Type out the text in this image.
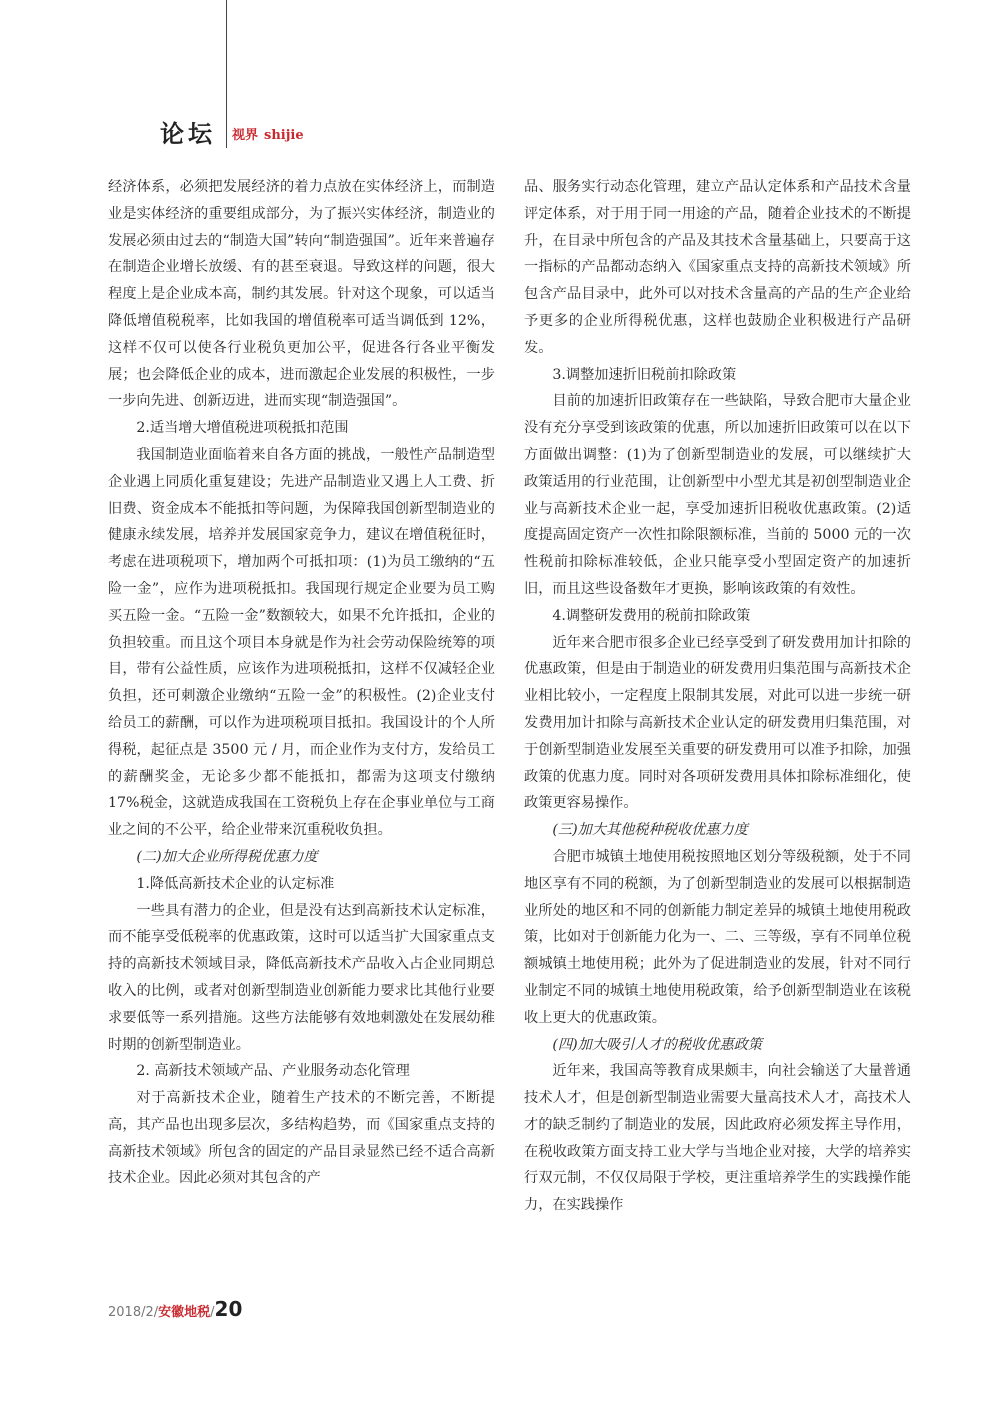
论坛 视界 shijie

经济体系，必须把发展经济的着力点放在实体经济上，而制造业是实体经济的重要组成部分，为了振兴实体经济，制造业的发展必须由过去的“制造大国”转向“制造强国”。近年来普遍存在制造企业增长放缓、有的甚至衰退。导致这样的问题，很大程度上是企业成本高，制约其发展。针对这个现象，可以适当降低增值税税率，比如我国的增值税率可适当调低到 12%，这样不仅可以使各行业税负更加公平，促进各行各业平衡发展；也会降低企业的成本，进而激起企业发展的积极性，一步一步向先进、创新迈进，进而实现“制造强国”。

2.适当增大增值税进项税抵扣范围

我国制造业面临着来自各方面的挑战，一般性产品制造型企业遇上同质化重复建设；先进产品制造业又遇上人工费、折旧费、资金成本不能抵扣等问题，为保障我国创新型制造业的健康永续发展，培养并发展国家竞争力，建议在增值税征时，考虑在进项税项下，增加两个可抵扣项：(1)为员工缴纳的“五险一金”，应作为进项税抵扣。我国现行规定企业要为员工购买五险一金。“五险一金”数额较大，如果不允许抵扣，企业的负担较重。而且这个项目本身就是作为社会劳动保险统筹的项目，带有公益性质，应该作为进项税抵扣，这样不仅减轻企业负担，还可刺激企业缴纳“五险一金”的积极性。(2)企业支付给员工的薪酬，可以作为进项税项目抵扣。我国设计的个人所得税，起征点是 3500 元 / 月，而企业作为支付方，发给员工的薪酬奖金，无论多少都不能抵扣，都需为这项支付缴纳 17%税金，这就造成我国在工资税负上存在企事业单位与工商业之间的不公平，给企业带来沉重税收负担。

(二)加大企业所得税优惠力度

1.降低高新技术企业的认定标准

一些具有潜力的企业，但是没有达到高新技术认定标准，而不能享受低税率的优惠政策，这时可以适当扩大国家重点支持的高新技术领域目录，降低高新技术产品收入占企业同期总收入的比例，或者对创新型制造业创新能力要求比其他行业要求要低等一系列措施。这些方法能够有效地刺激处在发展幼稚时期的创新型制造业。

2. 高新技术领域产品、产业服务动态化管理

对于高新技术企业，随着生产技术的不断完善，不断提高，其产品也出现多层次，多结构趋势，而《国家重点支持的高新技术领域》所包含的固定的产品目录显然已经不适合高新技术企业。因此必须对其包含的产

品、服务实行动态化管理，建立产品认定体系和产品技术含量评定体系，对于用于同一用途的产品，随着企业技术的不断提升，在目录中所包含的产品及其技术含量基础上，只要高于这一指标的产品都动态纳入《国家重点支持的高新技术领域》所包含产品目录中，此外可以对技术含量高的产品的生产企业给予更多的企业所得税优惠，这样也鼓励企业积极进行产品研发。

3.调整加速折旧税前扣除政策

目前的加速折旧政策存在一些缺陷，导致合肥市大量企业没有充分享受到该政策的优惠，所以加速折旧政策可以在以下方面做出调整：(1)为了创新型制造业的发展，可以继续扩大政策适用的行业范围，让创新型中小型尤其是初创型制造业企业与高新技术企业一起，享受加速折旧税收优惠政策。(2)适度提高固定资产一次性扣除限额标准，当前的 5000 元的一次性税前扣除标准较低，企业只能享受小型固定资产的加速折旧，而且这些设备数年才更换，影响该政策的有效性。

4.调整研发费用的税前扣除政策

近年来合肥市很多企业已经享受到了研发费用加计扣除的优惠政策，但是由于制造业的研发费用归集范围与高新技术企业相比较小，一定程度上限制其发展，对此可以进一步统一研发费用加计扣除与高新技术企业认定的研发费用归集范围，对于创新型制造业发展至关重要的研发费用可以准予扣除，加强政策的优惠力度。同时对各项研发费用具体扣除标准细化，使政策更容易操作。

(三)加大其他税种税收优惠力度

合肥市城镇土地使用税按照地区划分等级税额，处于不同地区享有不同的税额，为了创新型制造业的发展可以根据制造业所处的地区和不同的创新能力制定差异的城镇土地使用税政策，比如对于创新能力化为一、二、三等级，享有不同单位税额城镇土地使用税；此外为了促进制造业的发展，针对不同行业制定不同的城镇土地使用税政策，给予创新型制造业在该税收上更大的优惠政策。

(四)加大吸引人才的税收优惠政策

近年来，我国高等教育成果颇丰，向社会输送了大量普通技术人才，但是创新型制造业需要大量高技术人才，高技术人才的缺乏制约了制造业的发展，因此政府必须发挥主导作用，在税收政策方面支持工业大学与当地企业对接，大学的培养实行双元制，不仅仅局限于学校，更注重培养学生的实践操作能力，在实践操作

2018/2/安徽地税/20
